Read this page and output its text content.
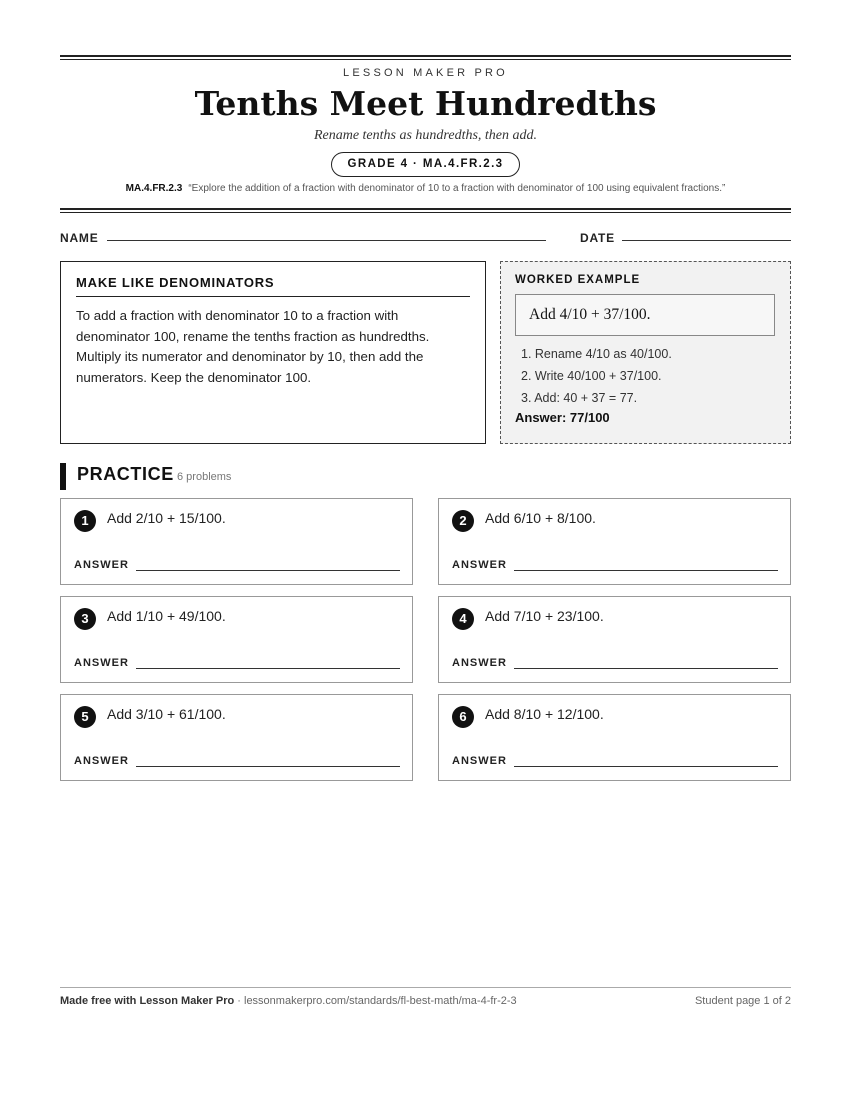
LESSON MAKER PRO
Tenths Meet Hundredths
Rename tenths as hundredths, then add.
GRADE 4 · MA.4.FR.2.3
MA.4.FR.2.3 “Explore the addition of a fraction with denominator of 10 to a fraction with denominator of 100 using equivalent fractions.”
NAME	DATE
MAKE LIKE DENOMINATORS
To add a fraction with denominator 10 to a fraction with denominator 100, rename the tenths fraction as hundredths. Multiply its numerator and denominator by 10, then add the numerators. Keep the denominator 100.
WORKED EXAMPLE
Add 4/10 + 37/100.
1. Rename 4/10 as 40/100.
2. Write 40/100 + 37/100.
3. Add: 40 + 37 = 77.
Answer: 77/100
PRACTICE 6 problems
1	Add 2/10 + 15/100.
ANSWER
2	Add 6/10 + 8/100.
ANSWER
3	Add 1/10 + 49/100.
ANSWER
4	Add 7/10 + 23/100.
ANSWER
5	Add 3/10 + 61/100.
ANSWER
6	Add 8/10 + 12/100.
ANSWER
Made free with Lesson Maker Pro · lessonmakerpro.com/standards/fl-best-math/ma-4-fr-2-3	Student page 1 of 2
